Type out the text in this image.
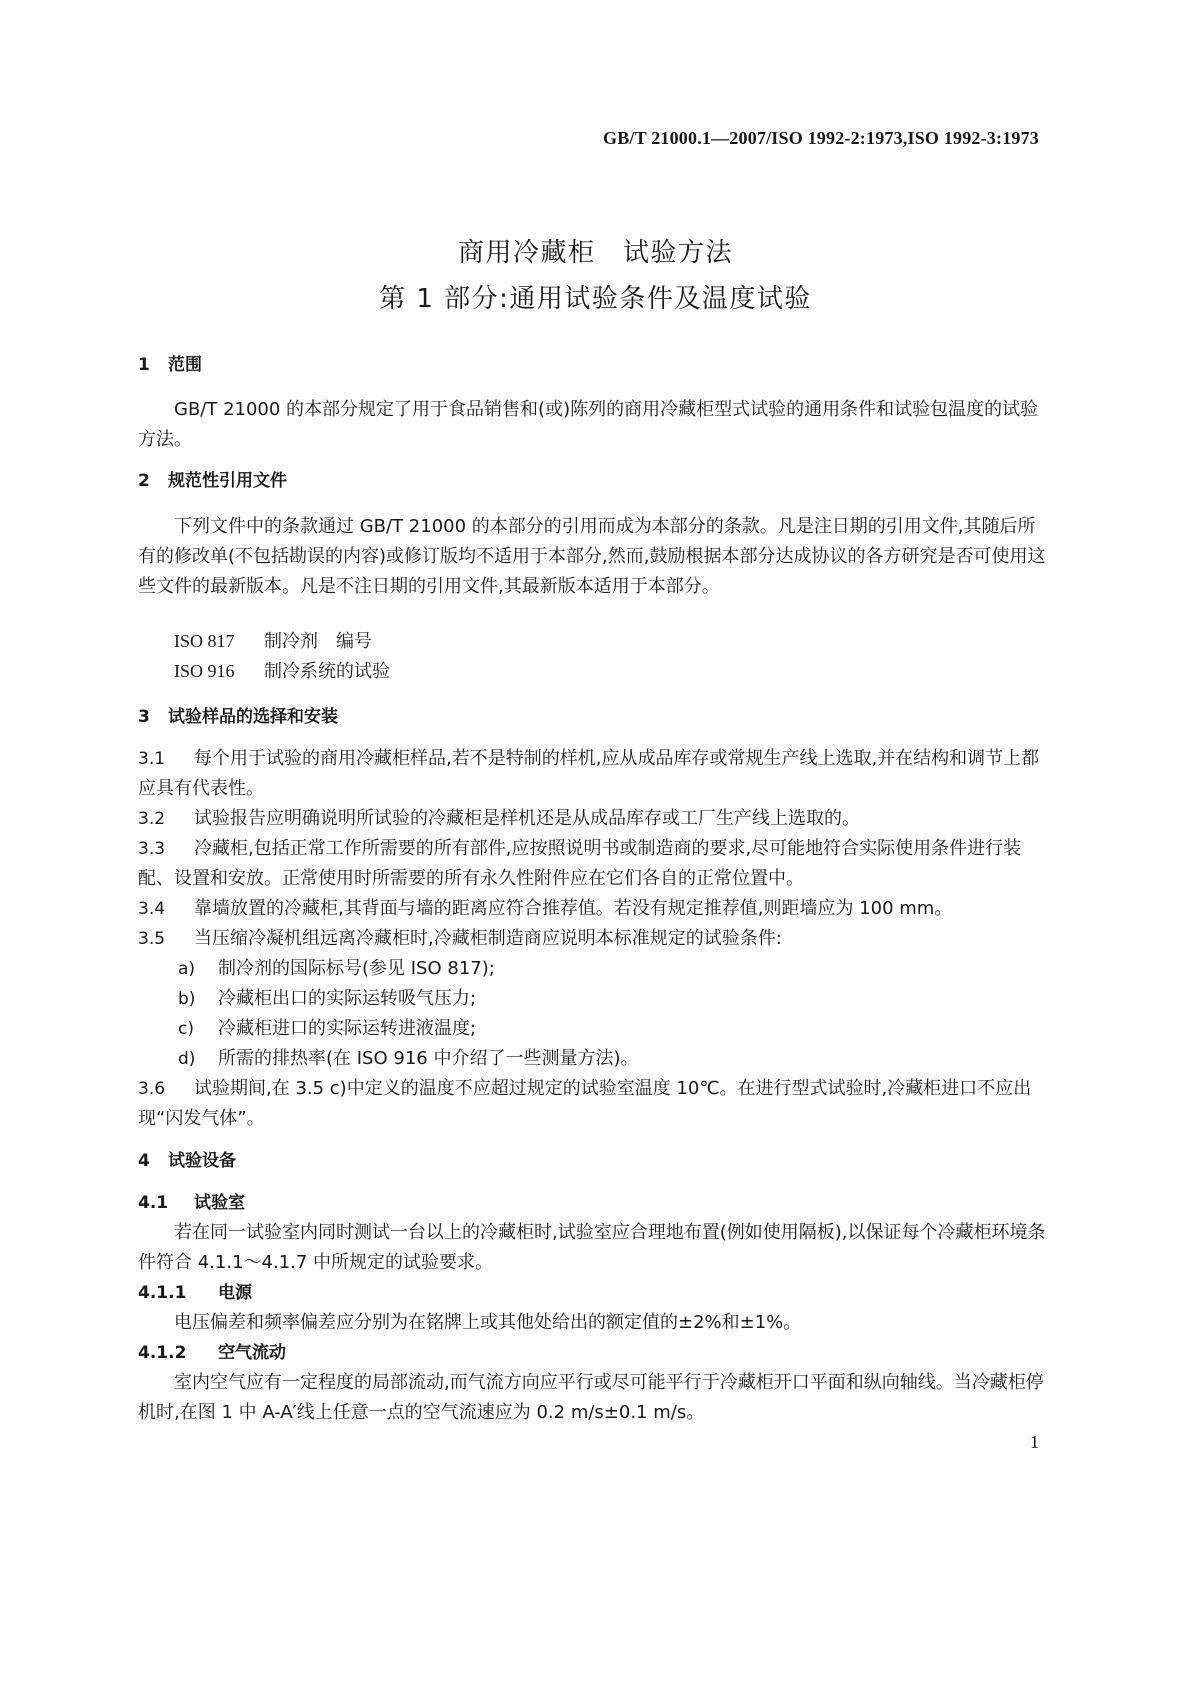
GB/T 21000.1—2007/ISO 1992-2:1973,ISO 1992-3:1973
商用冷藏柜　试验方法
第 1 部分:通用试验条件及温度试验
1 范围
GB/T 21000 的本部分规定了用于食品销售和(或)陈列的商用冷藏柜型式试验的通用条件和试验包温度的试验方法。
2 规范性引用文件
下列文件中的条款通过 GB/T 21000 的本部分的引用而成为本部分的条款。凡是注日期的引用文件,其随后所有的修改单(不包括勘误的内容)或修订版均不适用于本部分,然而,鼓励根据本部分达成协议的各方研究是否可使用这些文件的最新版本。凡是不注日期的引用文件,其最新版本适用于本部分。
ISO 817 制冷剂　编号
ISO 916 制冷系统的试验
3 试验样品的选择和安装
3.1 每个用于试验的商用冷藏柜样品,若不是特制的样机,应从成品库存或常规生产线上选取,并在结构和调节上都应具有代表性。
3.2 试验报告应明确说明所试验的冷藏柜是样机还是从成品库存或工厂生产线上选取的。
3.3 冷藏柜,包括正常工作所需要的所有部件,应按照说明书或制造商的要求,尽可能地符合实际使用条件进行装配、设置和安放。正常使用时所需要的所有永久性附件应在它们各自的正常位置中。
3.4 靠墙放置的冷藏柜,其背面与墙的距离应符合推荐值。若没有规定推荐值,则距墙应为 100 mm。
3.5 当压缩冷凝机组远离冷藏柜时,冷藏柜制造商应说明本标准规定的试验条件:
a) 制冷剂的国际标号(参见 ISO 817);
b) 冷藏柜出口的实际运转吸气压力;
c) 冷藏柜进口的实际运转进液温度;
d) 所需的排热率(在 ISO 916 中介绍了一些测量方法)。
3.6 试验期间,在 3.5 c)中定义的温度不应超过规定的试验室温度 10℃。在进行型式试验时,冷藏柜进口不应出现“闪发气体”。
4 试验设备
4.1 试验室
若在同一试验室内同时测试一台以上的冷藏柜时,试验室应合理地布置(例如使用隔板),以保证每个冷藏柜环境条件符合 4.1.1～4.1.7 中所规定的试验要求。
4.1.1 电源
电压偏差和频率偏差应分别为在铭牌上或其他处给出的额定值的±2%和±1%。
4.1.2 空气流动
室内空气应有一定程度的局部流动,而气流方向应平行或尽可能平行于冷藏柜开口平面和纵向轴线。当冷藏柜停机时,在图 1 中 A-A′线上任意一点的空气流速应为 0.2 m/s±0.1 m/s。
1
